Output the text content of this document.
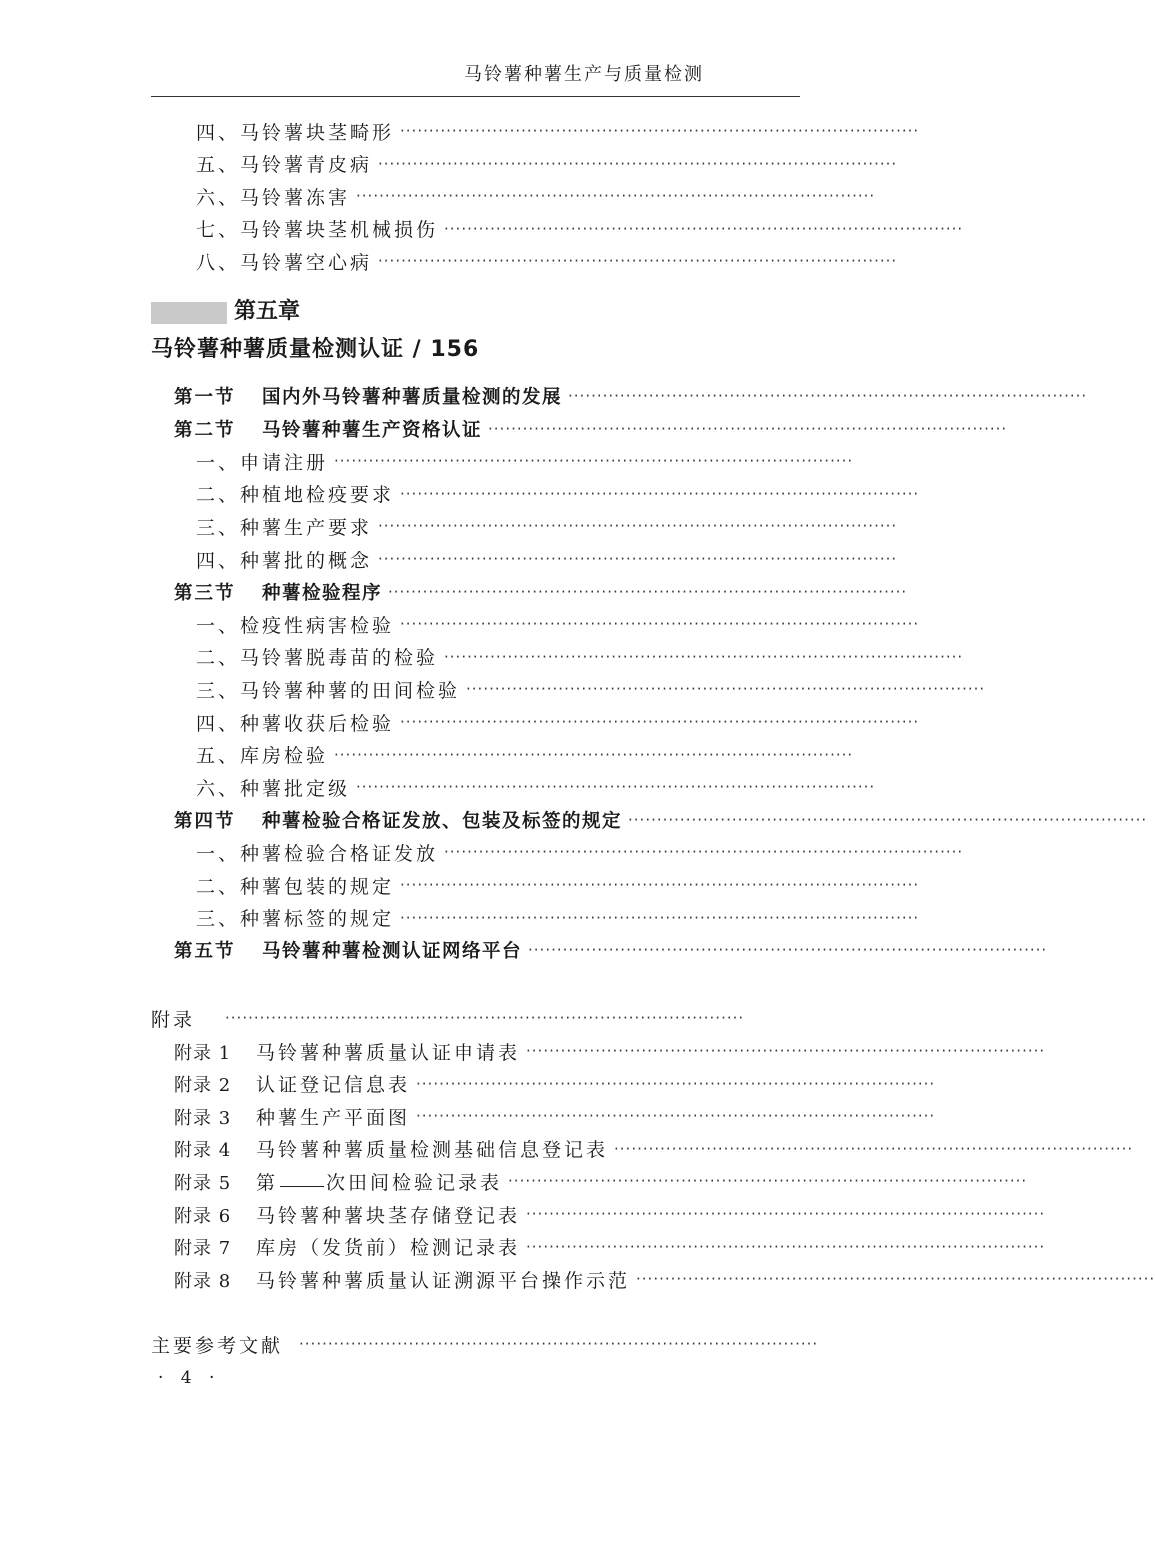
马铃薯种薯生产与质量检测
第五章
马铃薯种薯质量检测认证 / 156
四、马铃薯块茎畸形 ··························································································
五、马铃薯青皮病 ··························································································
六、马铃薯冻害 ··························································································
七、马铃薯块茎机械损伤 ··························································································
八、马铃薯空心病 ··························································································
第一节 国内外马铃薯种薯质量检测的发展 ··························································································
第二节 马铃薯种薯生产资格认证 ··························································································
一、申请注册 ··························································································
二、种植地检疫要求 ··························································································
三、种薯生产要求 ··························································································
四、种薯批的概念 ··························································································
第三节 种薯检验程序 ··························································································
一、检疫性病害检验 ··························································································
二、马铃薯脱毒苗的检验 ··························································································
三、马铃薯种薯的田间检验 ··························································································
四、种薯收获后检验 ··························································································
五、库房检验 ··························································································
六、种薯批定级 ··························································································
第四节 种薯检验合格证发放、包装及标签的规定 ··························································································
一、种薯检验合格证发放 ··························································································
二、种薯包装的规定 ··························································································
三、种薯标签的规定 ··························································································
第五节 马铃薯种薯检测认证网络平台 ··························································································
附录 ··························································································
附录 1 马铃薯种薯质量认证申请表 ··························································································
附录 2 认证登记信息表 ··························································································
附录 3 种薯生产平面图 ··························································································
附录 4 马铃薯种薯质量检测基础信息登记表 ··························································································
附录 5 第	次田间检验记录表 ··························································································
附录 6 马铃薯种薯块茎存储登记表 ··························································································
附录 7 库房（发货前）检测记录表 ··························································································
附录 8 马铃薯种薯质量认证溯源平台操作示范 ··························································································
主要参考文献 ··························································································
· 4 ·
